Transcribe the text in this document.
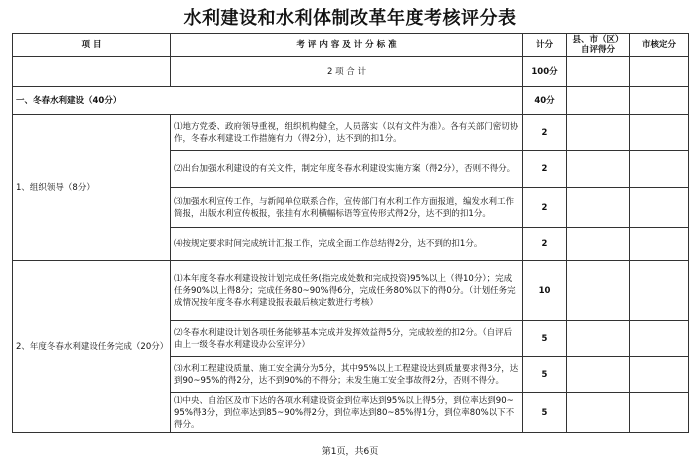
水利建设和水利体制改革年度考核评分表
项 目	考 评 内 容 及 计 分 标 准	计分	县、市（区）自评得分	市核定分
	2 项 合 计	100分		
一、冬春水利建设（40分）		40分		
1、组织领导（8分）	⑴地方党委、政府领导重视，组织机构健全，人员落实（以有文件为准）。各有关部门密切协作，冬春水利建设工作措施有力（得2分），达不到的扣1分。	2		
	⑵出台加强水利建设的有关文件，制定年度冬春水利建设实施方案（得2分），否则不得分。	2		
	⑶加强水利宣传工作，与新闻单位联系合作，宣传部门有水利工作方面报道，编发水利工作简报，出版水利宣传板报，张挂有水利横幅标语等宣传形式得2分，达不到的扣1分。	2		
	⑷按规定要求时间完成统计汇报工作，完成全面工作总结得2分，达不到的扣1分。	2		
2、年度冬春水利建设任务完成（20分）	⑴本年度冬春水利建设按计划完成任务(指完成处数和完成投资)95%以上（得10分）；完成任务90%以上得8分；完成任务80~90%得6分，完成任务80%以下的得0分。（计划任务完成情况按年度冬春水利建设报表最后核定数进行考核）	10		
	⑵冬春水利建设计划各项任务能够基本完成并发挥效益得5分，完成较差的扣2分。（自评后由上一级冬春水利建设办公室评分）	5		
	⑶水利工程建设质量、施工安全满分为5分，其中95%以上工程建设达到质量要求得3分，达到90~95%的得2分，达不到90%的不得分；未发生施工安全事故得2分，否则不得分。	5		
	⑴中央、自治区及市下达的各项水利建设资金到位率达到95%以上得5分，到位率达到90~95%得3分，到位率达到85~90%得2分，到位率达到80~85%得1分，到位率80%以下不得分。	5		
第1页，共6页
